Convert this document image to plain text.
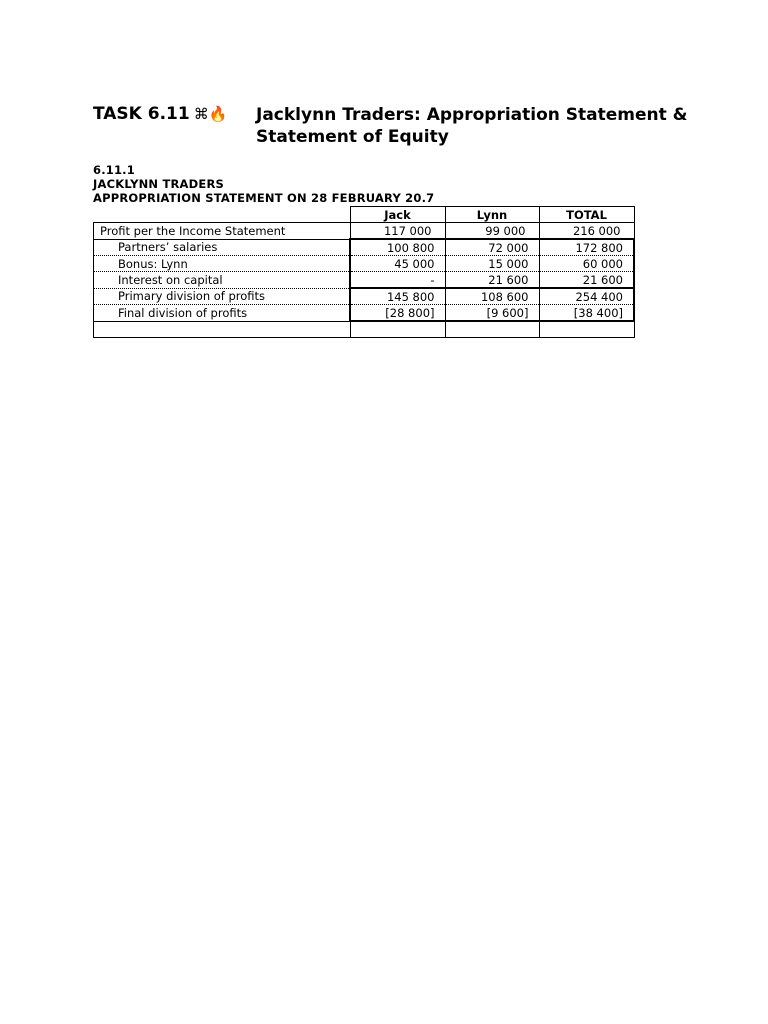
TASK 6.11 ⌘🔥 Jacklynn Traders: Appropriation Statement &
Statement of Equity
6.11.1
JACKLYNN TRADERS
APPROPRIATION STATEMENT ON 28 FEBRUARY 20.7
	Jack	Lynn	TOTAL
Profit per the Income Statement	117 000	99 000	216 000
Partners’ salaries	100 800	72 000	172 800
Bonus: Lynn	45 000	15 000	60 000
Interest on capital	-	21 600	21 600
Primary division of profits	145 800	108 600	254 400
Final division of profits	[28 800]	[9 600]	[38 400]
